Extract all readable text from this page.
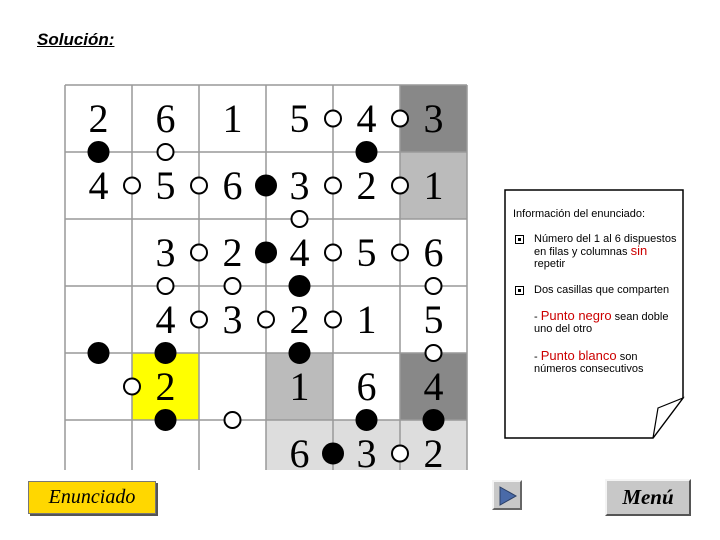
Solución:
2 6 1 5 4 3
4 5 6 3 2 1
3 2 4 5 6
4 3 2 1 5
2	1 6 4
6 3 2
Información del enunciado:
Número del 1 al 6 dispuestos en filas y columnas sin repetir
Dos casillas que comparten
- Punto negro sean doble uno del otro
- Punto blanco son números consecutivos
Enunciado	Menú
